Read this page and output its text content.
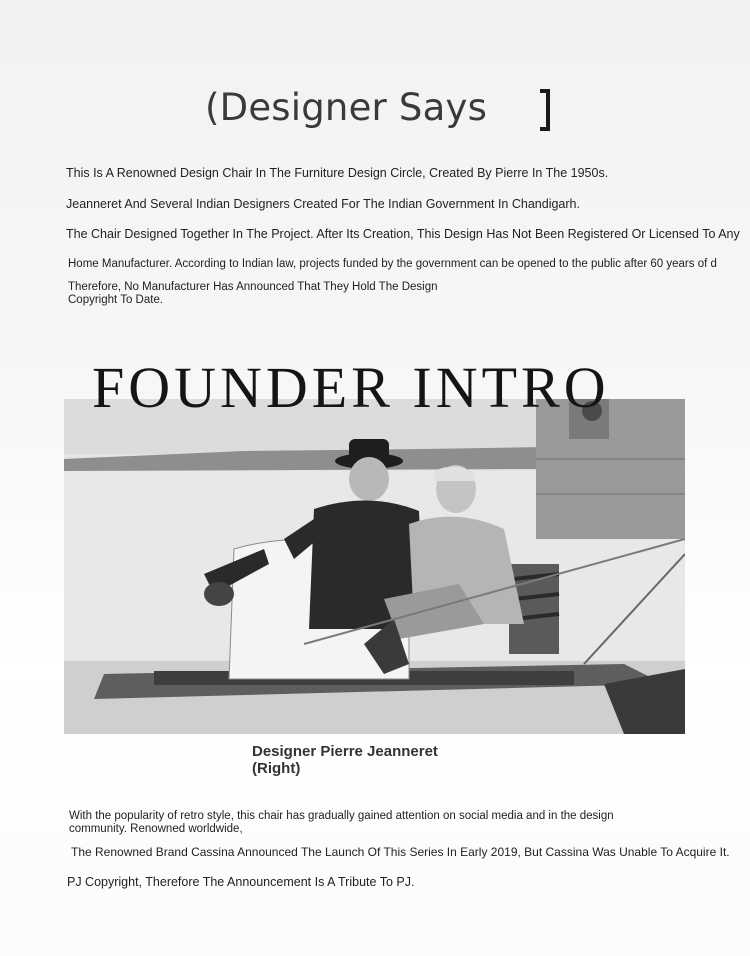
(Designer Says
This Is A Renowned Design Chair In The Furniture Design Circle, Created By Pierre In The 1950s.
Jeanneret And Several Indian Designers Created For The Indian Government In Chandigarh.
The Chair Designed Together In The Project. After Its Creation, This Design Has Not Been Registered Or Licensed To Any
Home Manufacturer. According to Indian law, projects funded by the government can be opened to the public after 60 years of d
Therefore, No Manufacturer Has Announced That They Hold The Design
Copyright To Date.
FOUNDER INTRO
Designer Pierre Jeanneret
(Right)
With the popularity of retro style, this chair has gradually gained attention on social media and in the design
community. Renowned worldwide,
The Renowned Brand Cassina Announced The Launch Of This Series In Early 2019, But Cassina Was Unable To Acquire It.
PJ Copyright, Therefore The Announcement Is A Tribute To PJ.
